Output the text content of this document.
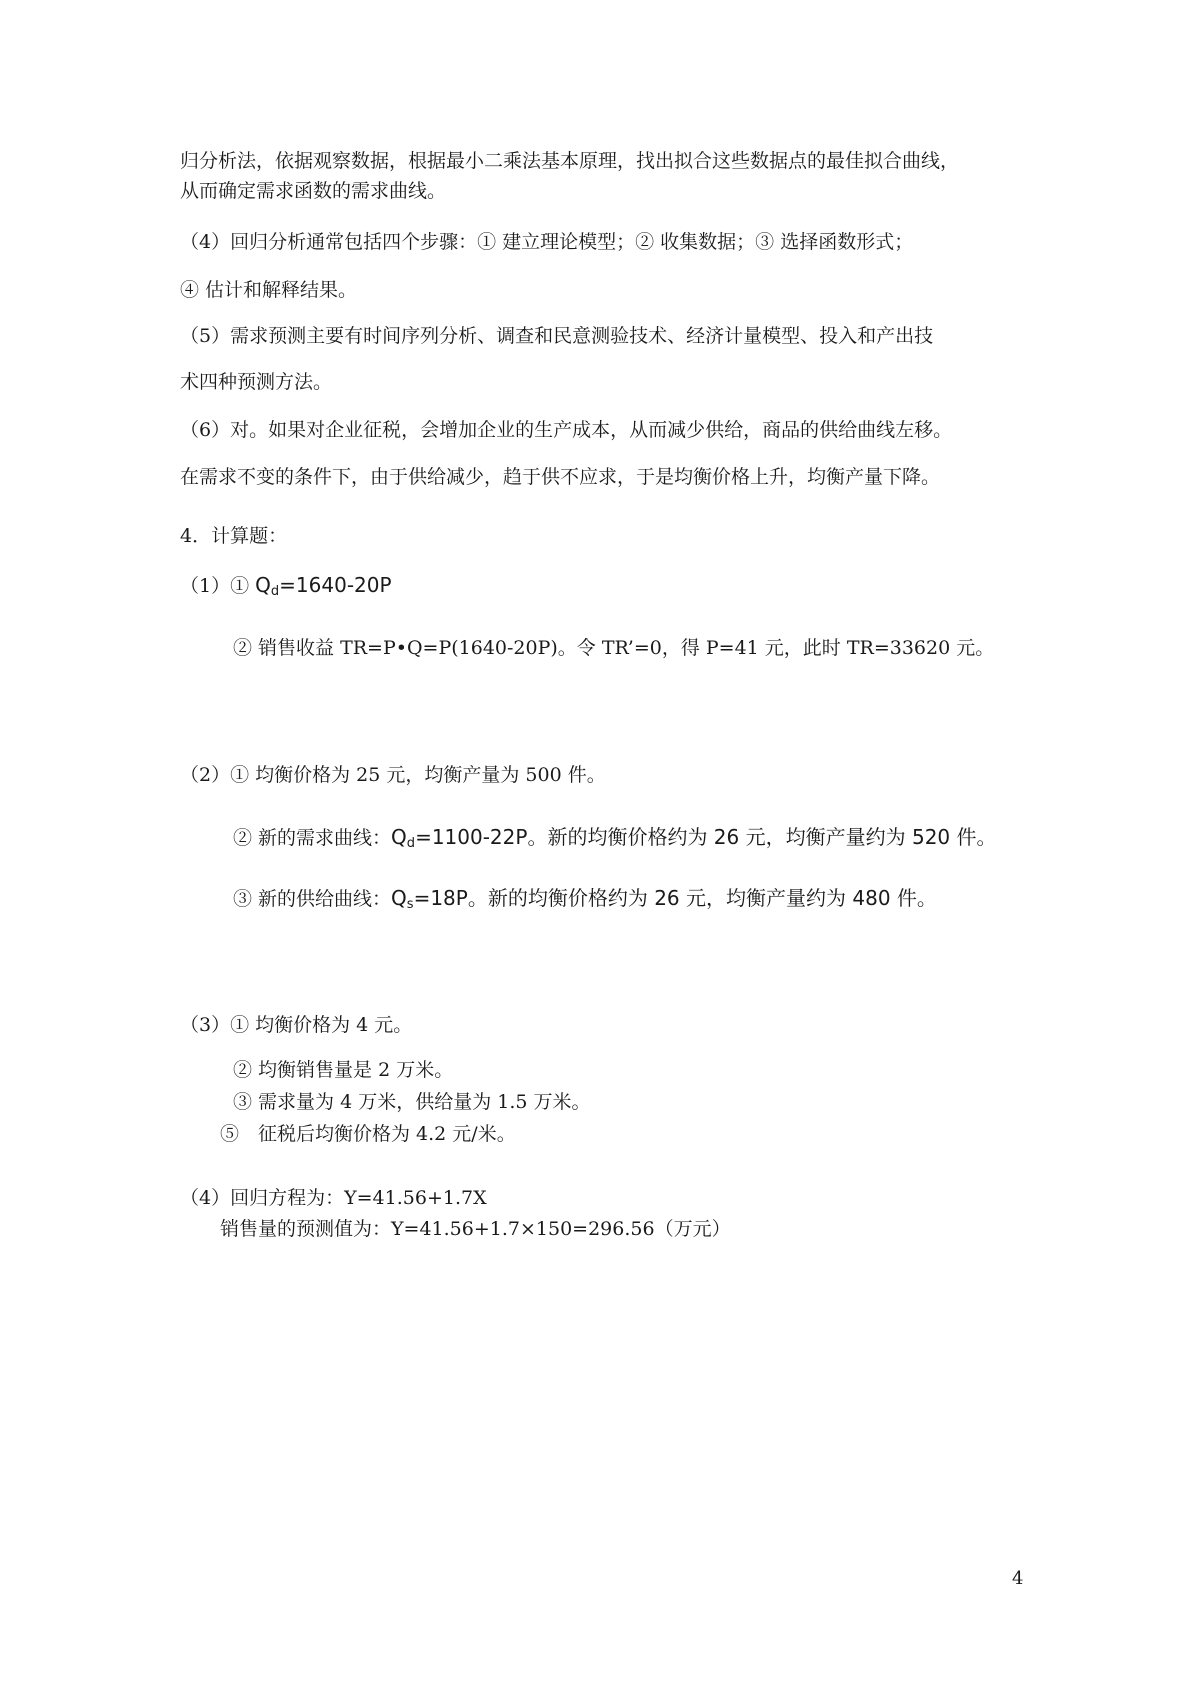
归分析法，依据观察数据，根据最小二乘法基本原理，找出拟合这些数据点的最佳拟合曲线，
从而确定需求函数的需求曲线。
（4）回归分析通常包括四个步骤：① 建立理论模型；② 收集数据；③ 选择函数形式；
④ 估计和解释结果。
（5）需求预测主要有时间序列分析、调查和民意测验技术、经济计量模型、投入和产出技
术四种预测方法。
（6）对。如果对企业征税，会增加企业的生产成本，从而减少供给，商品的供给曲线左移。
在需求不变的条件下，由于供给减少，趋于供不应求，于是均衡价格上升，均衡产量下降。
4．计算题：
（1）① $Q_d=1640-20P$
② 销售收益 TR=P•Q=P(1640-20P)。令 TR’=0，得 P=41 元，此时 TR=33620 元。
（2）① 均衡价格为 25 元，均衡产量为 500 件。
② 新的需求曲线：$Q_d=1100-22P$。新的均衡价格约为 26 元，均衡产量约为 520 件。
③ 新的供给曲线：$Q_s=18P$。新的均衡价格约为 26 元，均衡产量约为 480 件。
（3）① 均衡价格为 4 元。
② 均衡销售量是 2 万米。
③ 需求量为 4 万米，供给量为 1.5 万米。
⑤　征税后均衡价格为 4.2 元/米。
（4）回归方程为：Y=41.56+1.7X
销售量的预测值为：Y=41.56+1.7×150=296.56（万元）
4
